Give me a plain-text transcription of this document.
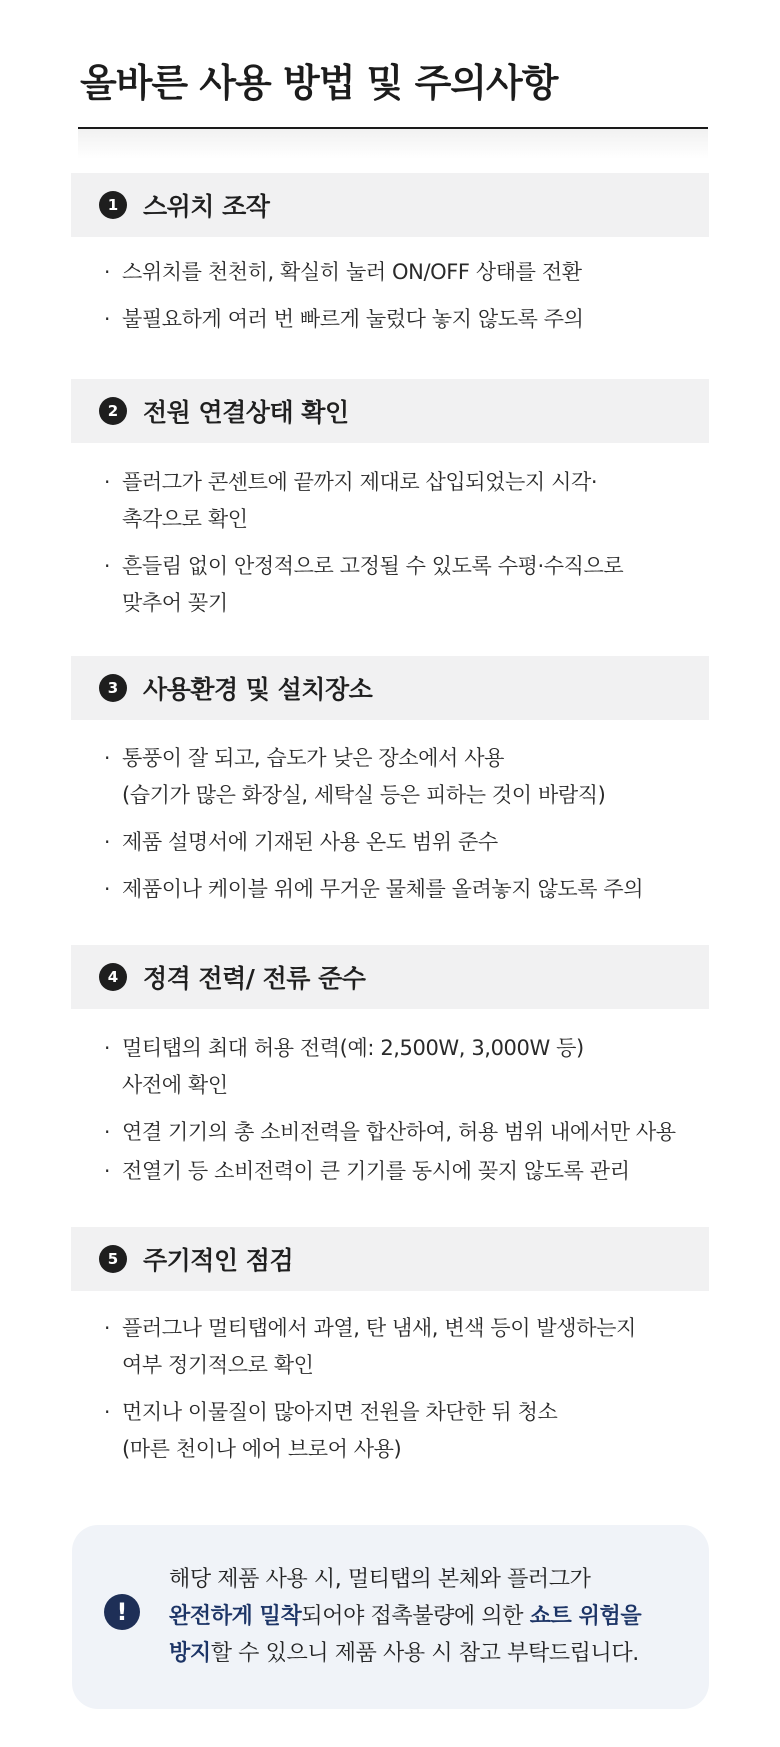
올바른 사용 방법 및 주의사항
1 스위치 조작
· 스위치를 천천히, 확실히 눌러 ON/OFF 상태를 전환
· 불필요하게 여러 번 빠르게 눌렀다 놓지 않도록 주의
2 전원 연결상태 확인
· 플러그가 콘센트에 끝까지 제대로 삽입되었는지 시각·
촉각으로 확인
· 흔들림 없이 안정적으로 고정될 수 있도록 수평·수직으로
맞추어 꽂기
3 사용환경 및 설치장소
· 통풍이 잘 되고, 습도가 낮은 장소에서 사용
(습기가 많은 화장실, 세탁실 등은 피하는 것이 바람직)
· 제품 설명서에 기재된 사용 온도 범위 준수
· 제품이나 케이블 위에 무거운 물체를 올려놓지 않도록 주의
4 정격 전력/ 전류 준수
· 멀티탭의 최대 허용 전력(예: 2,500W, 3,000W 등)
사전에 확인
· 연결 기기의 총 소비전력을 합산하여, 허용 범위 내에서만 사용
· 전열기 등 소비전력이 큰 기기를 동시에 꽂지 않도록 관리
5 주기적인 점검
· 플러그나 멀티탭에서 과열, 탄 냄새, 변색 등이 발생하는지
여부 정기적으로 확인
· 먼지나 이물질이 많아지면 전원을 차단한 뒤 청소
(마른 천이나 에어 브로어 사용)
!
해당 제품 사용 시, 멀티탭의 본체와 플러그가
완전하게 밀착되어야 접촉불량에 의한 쇼트 위험을
방지할 수 있으니 제품 사용 시 참고 부탁드립니다.
